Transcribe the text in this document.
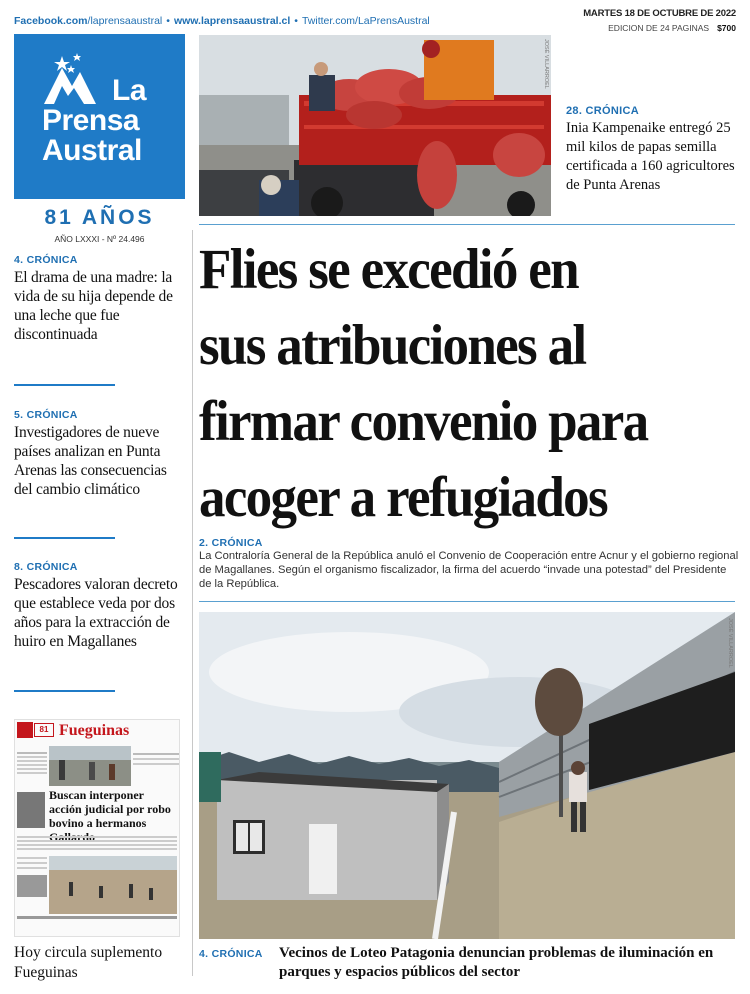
Facebook.com/laprensaaustral • www.laprensaaustral.cl • Twitter.com/LaPrensAustral
MARTES 18 DE OCTUBRE DE 2022
EDICION DE 24 PAGINAS $700
La
Prensa
Austral
81 AÑOS
AÑO LXXXI - Nº 24.496
4. CRÓNICA
El drama de una madre: la vida de su hija depende de una leche que fue discontinuada
5. CRÓNICA
Investigadores de nueve países analizan en Punta Arenas las consecuencias del cambio climático
8. CRÓNICA
Pescadores valoran decreto que establece veda por dos años para la extracción de huiro en Magallanes
81 Fueguinas
Buscan interponer acción judicial por robo bovino a hermanos
Hoy circula suplemento Fueguinas
JOSÉ VILLARROEL
28. CRÓNICA
Inia Kampenaike entregó 25 mil kilos de papas semilla certificada a 160 agricultores de Punta Arenas
Flies se excedió en
sus atribuciones al
firmar convenio para
acoger a refugiados
2. CRÓNICA
La Contraloría General de la República anuló el Convenio de Cooperación entre Acnur y el gobierno regional de Magallanes. Según el organismo fiscalizador, la firma del acuerdo “invade una potestad” del Presidente de la República.
JOSÉ VILLARROEL
4. CRÓNICA Vecinos de Loteo Patagonia denuncian problemas de iluminación en parques y espacios públicos del sector
